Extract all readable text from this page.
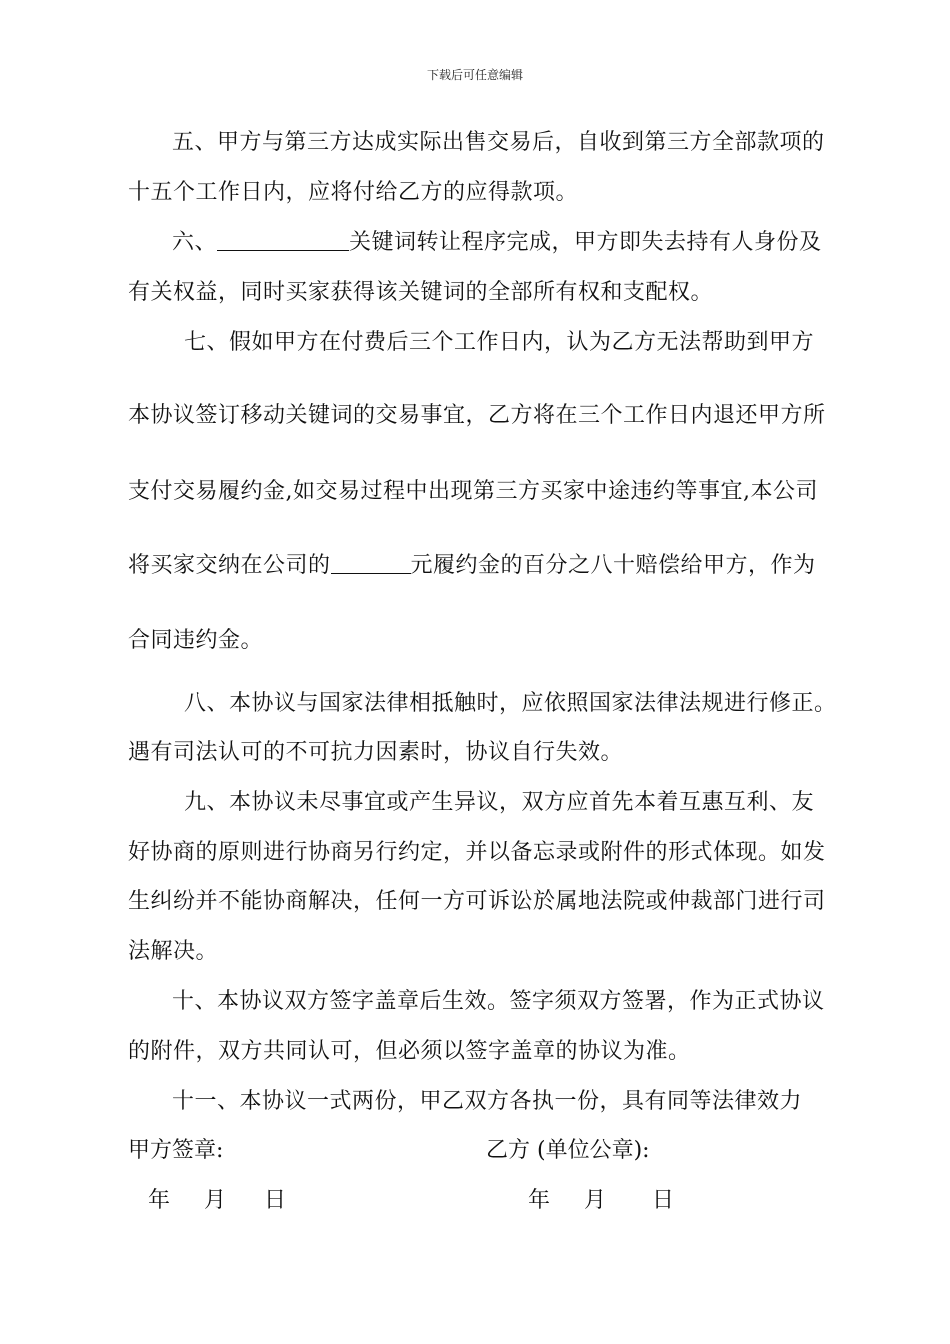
下载后可任意编辑
五、甲方与第三方达成实际出售交易后，自收到第三方全部款项的
十五个工作日内，应将付给乙方的应得款项。
六、	关键词转让程序完成，甲方即失去持有人身份及
有关权益，同时买家获得该关键词的全部所有权和支配权。
七、假如甲方在付费后三个工作日内，认为乙方无法帮助到甲方
本协议签订移动关键词的交易事宜，乙方将在三个工作日内退还甲方所
支付交易履约金,如交易过程中出现第三方买家中途违约等事宜,本公司
将买家交纳在公司的	元履约金的百分之八十赔偿给甲方，作为
合同违约金。
八、本协议与国家法律相抵触时，应依照国家法律法规进行修正。
遇有司法认可的不可抗力因素时，协议自行失效。
九、本协议未尽事宜或产生异议，双方应首先本着互惠互利、友
好协商的原则进行协商另行约定，并以备忘录或附件的形式体现。如发
生纠纷并不能协商解决，任何一方可诉讼於属地法院或仲裁部门进行司
法解决。
十、本协议双方签字盖章后生效。签字须双方签署，作为正式协议
的附件，双方共同认可，但必须以签字盖章的协议为准。
十一、本协议一式两份，甲乙双方各执一份，具有同等法律效力
甲方签章:	乙方 (单位公章):
年 月 日	年 月 日
